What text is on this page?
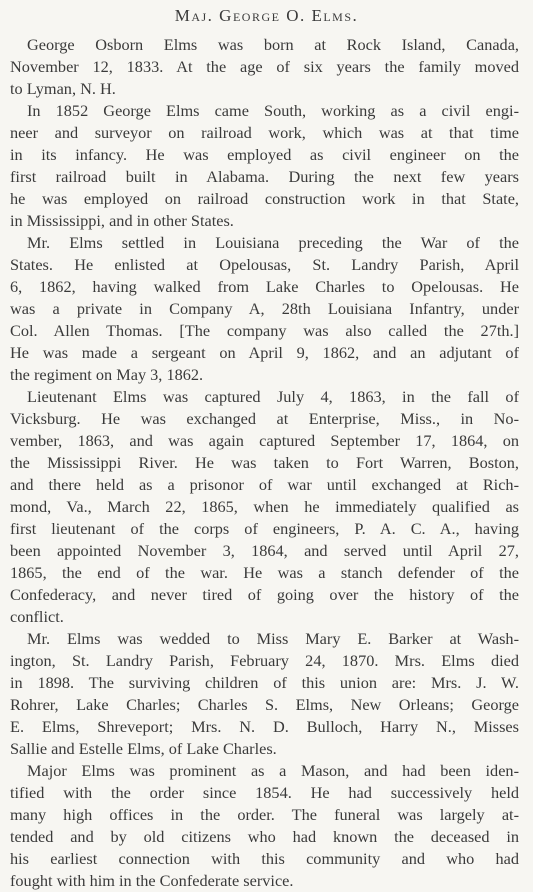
Maj. George O. Elms.
George Osborn Elms was born at Rock Island, Canada,
November 12, 1833. At the age of six years the family moved
to Lyman, N. H.
In 1852 George Elms came South, working as a civil engi-
neer and surveyor on railroad work, which was at that time
in its infancy. He was employed as civil engineer on the
first railroad built in Alabama. During the next few years
he was employed on railroad construction work in that State,
in Mississippi, and in other States.
Mr. Elms settled in Louisiana preceding the War of the
States. He enlisted at Opelousas, St. Landry Parish, April
6, 1862, having walked from Lake Charles to Opelousas. He
was a private in Company A, 28th Louisiana Infantry, under
Col. Allen Thomas. [The company was also called the 27th.]
He was made a sergeant on April 9, 1862, and an adjutant of
the regiment on May 3, 1862.
Lieutenant Elms was captured July 4, 1863, in the fall of
Vicksburg. He was exchanged at Enterprise, Miss., in No-
vember, 1863, and was again captured September 17, 1864, on
the Mississippi River. He was taken to Fort Warren, Boston,
and there held as a prisonor of war until exchanged at Rich-
mond, Va., March 22, 1865, when he immediately qualified as
first lieutenant of the corps of engineers, P. A. C. A., having
been appointed November 3, 1864, and served until April 27,
1865, the end of the war. He was a stanch defender of the
Confederacy, and never tired of going over the history of the
conflict.
Mr. Elms was wedded to Miss Mary E. Barker at Wash-
ington, St. Landry Parish, February 24, 1870. Mrs. Elms died
in 1898. The surviving children of this union are: Mrs. J. W.
Rohrer, Lake Charles; Charles S. Elms, New Orleans; George
E. Elms, Shreveport; Mrs. N. D. Bulloch, Harry N., Misses
Sallie and Estelle Elms, of Lake Charles.
Major Elms was prominent as a Mason, and had been iden-
tified with the order since 1854. He had successively held
many high offices in the order. The funeral was largely at-
tended and by old citizens who had known the deceased in
his earliest connection with this community and who had
fought with him in the Confederate service.
